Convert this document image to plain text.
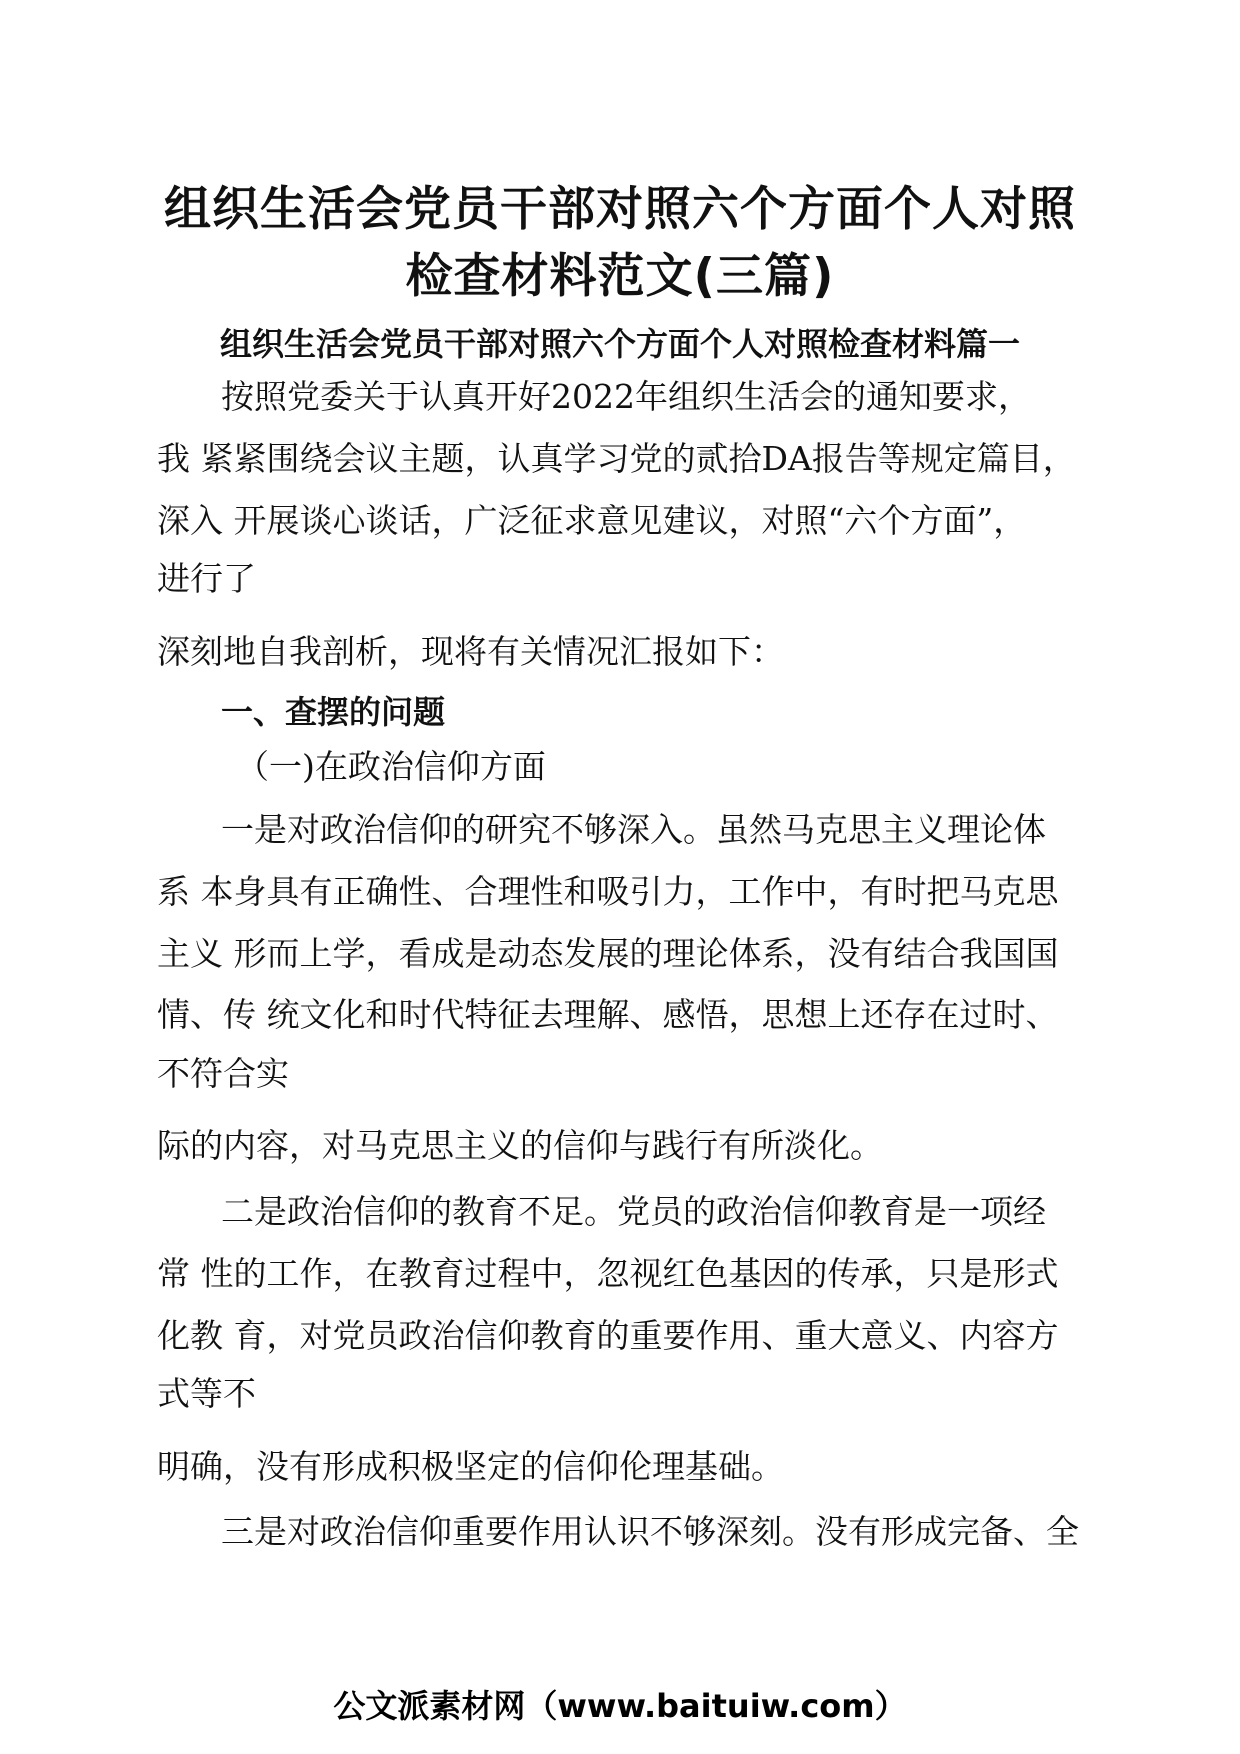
组织生活会党员干部对照六个方面个人对照
检查材料范文(三篇)
组织生活会党员干部对照六个方面个人对照检查材料篇一
按照党委关于认真开好2022年组织生活会的通知要求，
我 紧紧围绕会议主题，认真学习党的贰拾DA报告等规定篇目，
深入 开展谈心谈话，广泛征求意见建议，对照“六个方面”，
进行了
深刻地自我剖析，现将有关情况汇报如下：
一、查摆的问题
（一)在政治信仰方面
一是对政治信仰的研究不够深入。虽然马克思主义理论体
系 本身具有正确性、合理性和吸引力，工作中，有时把马克思
主义 形而上学，看成是动态发展的理论体系，没有结合我国国
情、传 统文化和时代特征去理解、感悟，思想上还存在过时、
不符合实
际的内容，对马克思主义的信仰与践行有所淡化。
二是政治信仰的教育不足。党员的政治信仰教育是一项经
常 性的工作，在教育过程中，忽视红色基因的传承，只是形式
化教 育，对党员政治信仰教育的重要作用、重大意义、内容方
式等不
明确，没有形成积极坚定的信仰伦理基础。
三是对政治信仰重要作用认识不够深刻。没有形成完备、全
公文派素材网（www.baituiw.com）
